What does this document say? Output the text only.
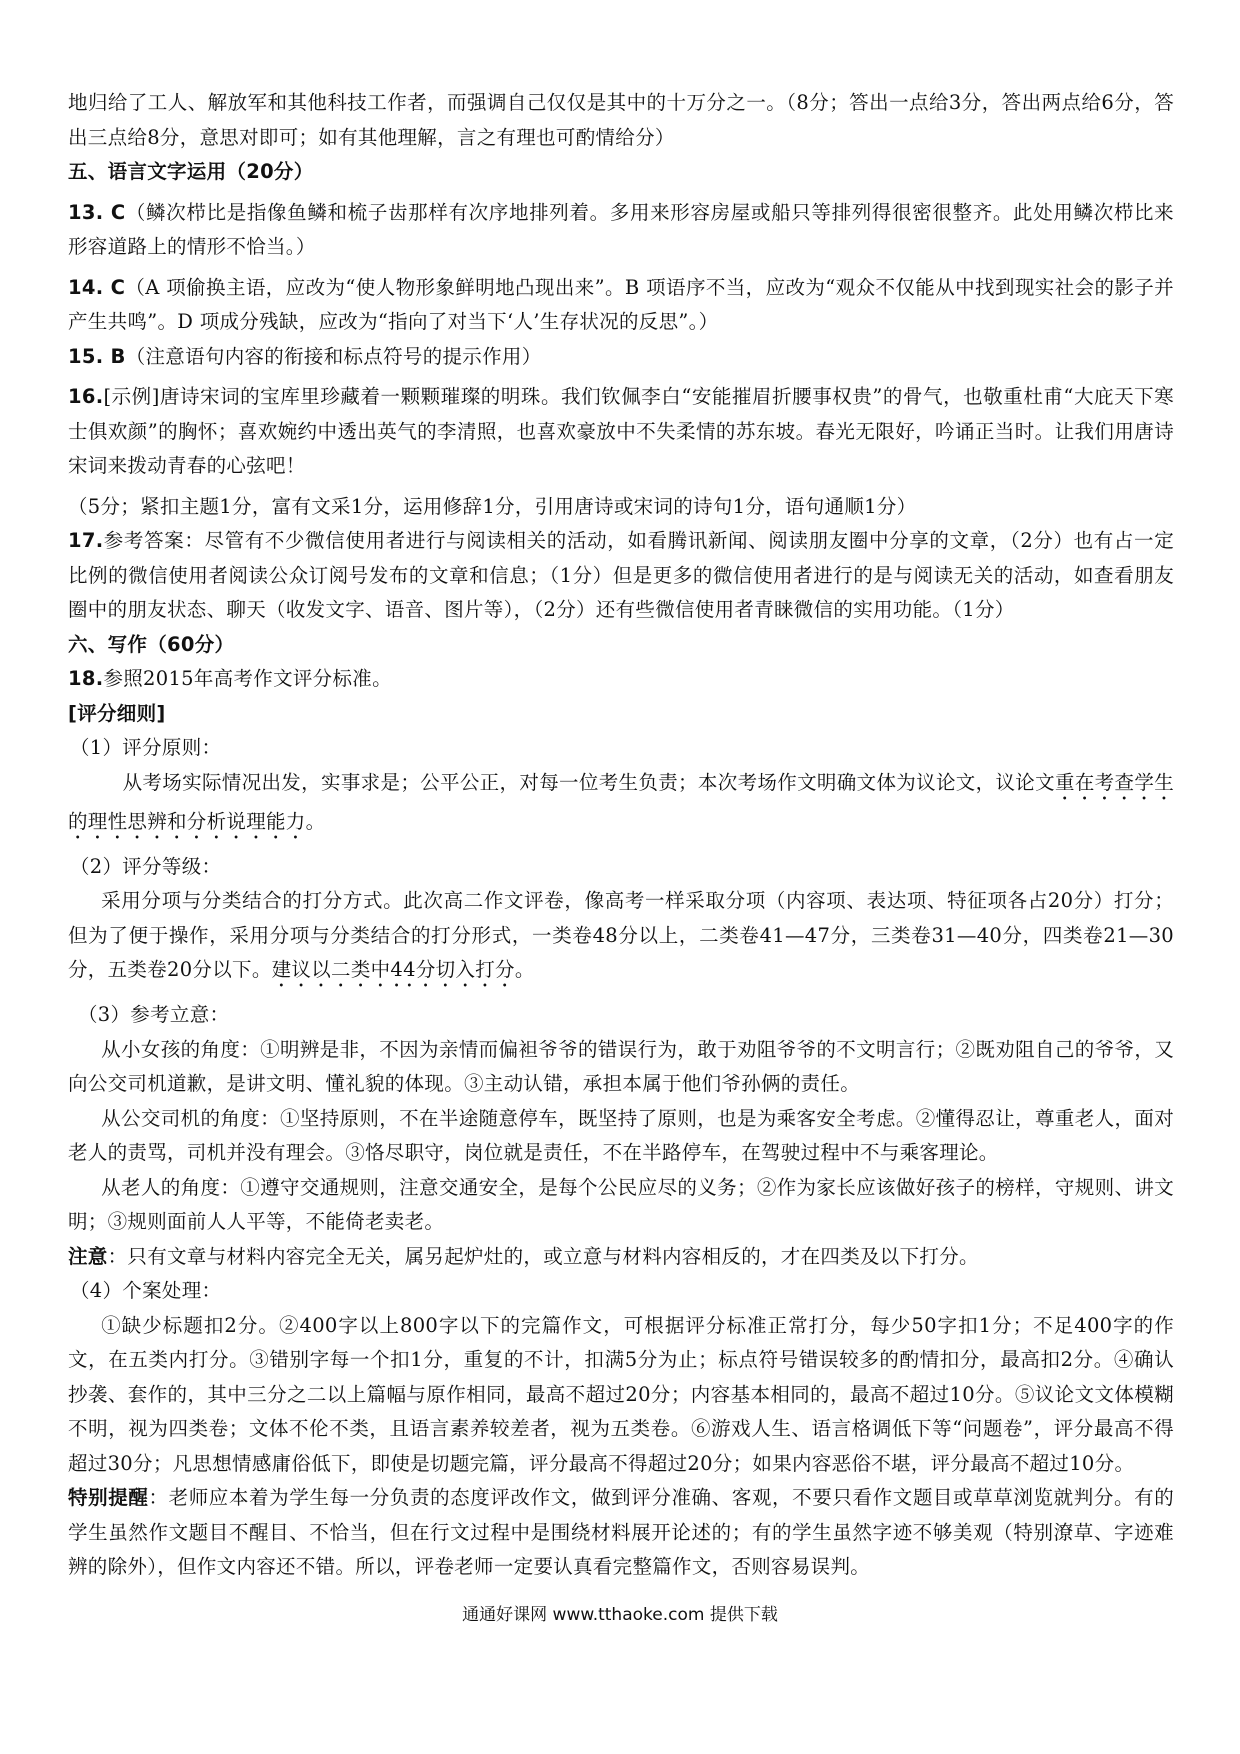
地归给了工人、解放军和其他科技工作者，而强调自己仅仅是其中的十万分之一。（8分；答出一点给3分，答出两点给6分，答出三点给8分，意思对即可；如有其他理解，言之有理也可酌情给分）

五、语言文字运用（20分）

13. C（鳞次栉比是指像鱼鳞和梳子齿那样有次序地排列着。多用来形容房屋或船只等排列得很密很整齐。此处用鳞次栉比来形容道路上的情形不恰当。）

14. C（A 项偷换主语，应改为“使人物形象鲜明地凸现出来”。B 项语序不当，应改为“观众不仅能从中找到现实社会的影子并产生共鸣”。D 项成分残缺，应改为“指向了对当下‘人’生存状况的反思”。）

15. B（注意语句内容的衔接和标点符号的提示作用）

16.[示例]唐诗宋词的宝库里珍藏着一颗颗璀璨的明珠。我们钦佩李白“安能摧眉折腰事权贵”的骨气，也敬重杜甫“大庇天下寒士俱欢颜”的胸怀；喜欢婉约中透出英气的李清照，也喜欢豪放中不失柔情的苏东坡。春光无限好，吟诵正当时。让我们用唐诗宋词来拨动青春的心弦吧！

（5分；紧扣主题1分，富有文采1分，运用修辞1分，引用唐诗或宋词的诗句1分，语句通顺1分）

17.参考答案：尽管有不少微信使用者进行与阅读相关的活动，如看腾讯新闻、阅读朋友圈中分享的文章，（2分）也有占一定比例的微信使用者阅读公众订阅号发布的文章和信息；（1分）但是更多的微信使用者进行的是与阅读无关的活动，如查看朋友圈中的朋友状态、聊天（收发文字、语音、图片等），（2分）还有些微信使用者青睐微信的实用功能。（1分）

六、写作（60分）

18.参照2015年高考作文评分标准。

[评分细则]

（1）评分原则：

从考场实际情况出发，实事求是；公平公正，对每一位考生负责；本次考场作文明确文体为议论文，议论文重在考查学生的理性思辨和分析说理能力。

（2）评分等级：

采用分项与分类结合的打分方式。此次高二作文评卷，像高考一样采取分项（内容项、表达项、特征项各占20分）打分；但为了便于操作，采用分项与分类结合的打分形式，一类卷48分以上，二类卷41—47分，三类卷31—40分，四类卷21—30分，五类卷20分以下。建议以二类中44分切入打分。

（3）参考立意：

从小女孩的角度：①明辨是非，不因为亲情而偏袒爷爷的错误行为，敢于劝阻爷爷的不文明言行；②既劝阻自己的爷爷，又向公交司机道歉，是讲文明、懂礼貌的体现。③主动认错，承担本属于他们爷孙俩的责任。

从公交司机的角度：①坚持原则，不在半途随意停车，既坚持了原则，也是为乘客安全考虑。②懂得忍让，尊重老人，面对老人的责骂，司机并没有理会。③恪尽职守，岗位就是责任，不在半路停车，在驾驶过程中不与乘客理论。

从老人的角度：①遵守交通规则，注意交通安全，是每个公民应尽的义务；②作为家长应该做好孩子的榜样，守规则、讲文明；③规则面前人人平等，不能倚老卖老。

注意：只有文章与材料内容完全无关，属另起炉灶的，或立意与材料内容相反的，才在四类及以下打分。

（4）个案处理：

①缺少标题扣2分。②400字以上800字以下的完篇作文，可根据评分标准正常打分，每少50字扣1分；不足400字的作文，在五类内打分。③错别字每一个扣1分，重复的不计，扣满5分为止；标点符号错误较多的酌情扣分，最高扣2分。④确认抄袭、套作的，其中三分之二以上篇幅与原作相同，最高不超过20分；内容基本相同的，最高不超过10分。⑤议论文文体模糊不明，视为四类卷；文体不伦不类，且语言素养较差者，视为五类卷。⑥游戏人生、语言格调低下等“问题卷”，评分最高不得超过30分；凡思想情感庸俗低下，即使是切题完篇，评分最高不得超过20分；如果内容恶俗不堪，评分最高不超过10分。

特别提醒：老师应本着为学生每一分负责的态度评改作文，做到评分准确、客观，不要只看作文题目或草草浏览就判分。有的学生虽然作文题目不醒目、不恰当，但在行文过程中是围绕材料展开论述的；有的学生虽然字迹不够美观（特别潦草、字迹难辨的除外），但作文内容还不错。所以，评卷老师一定要认真看完整篇作文，否则容易误判。

通通好课网 www.tthaoke.com 提供下载
